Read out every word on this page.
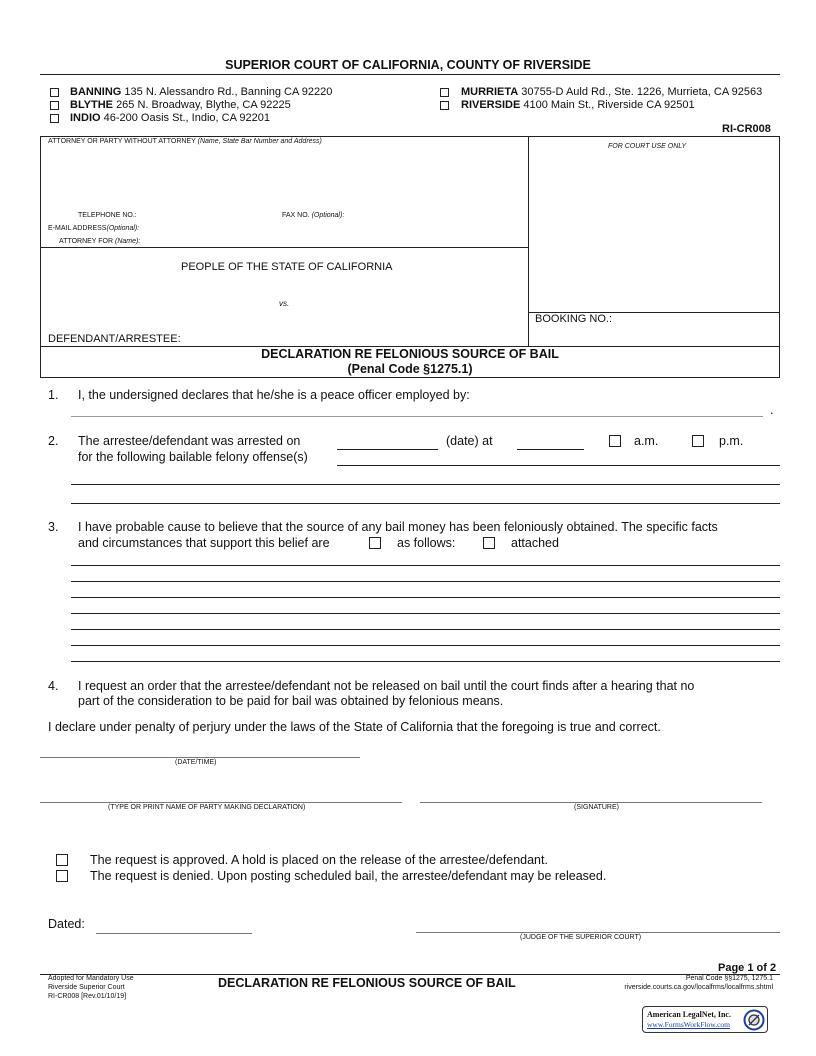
SUPERIOR COURT OF CALIFORNIA, COUNTY OF RIVERSIDE
BANNING 135 N. Alessandro Rd., Banning CA 92220
BLYTHE 265 N. Broadway, Blythe, CA 92225
INDIO 46-200 Oasis St., Indio, CA 92201
MURRIETA 30755-D Auld Rd., Ste. 1226, Murrieta, CA 92563
RIVERSIDE 4100 Main St., Riverside CA 92501
RI-CR008
ATTORNEY OR PARTY WITHOUT ATTORNEY (Name, State Bar Number and Address)
FOR COURT USE ONLY
TELEPHONE NO.:	FAX NO. (Optional):
E-MAIL ADDRESS(Optional):
ATTORNEY FOR (Name):
PEOPLE OF THE STATE OF CALIFORNIA
vs.
BOOKING NO.:
DEFENDANT/ARRESTEE:
DECLARATION RE FELONIOUS SOURCE OF BAIL
(Penal Code §1275.1)
1. I, the undersigned declares that he/she is a peace officer employed by:
.
2. The arrestee/defendant was arrested on	(date) at	a.m.	p.m.
for the following bailable felony offense(s)
3. I have probable cause to believe that the source of any bail money has been feloniously obtained. The specific facts
and circumstances that support this belief are	as follows:	attached
4. I request an order that the arrestee/defendant not be released on bail until the court finds after a hearing that no
part of the consideration to be paid for bail was obtained by felonious means.
I declare under penalty of perjury under the laws of the State of California that the foregoing is true and correct.
(DATE/TIME)
(TYPE OR PRINT NAME OF PARTY MAKING DECLARATION)	(SIGNATURE)
The request is approved. A hold is placed on the release of the arrestee/defendant.
The request is denied. Upon posting scheduled bail, the arrestee/defendant may be released.
Dated:
(JUDGE OF THE SUPERIOR COURT)
Page 1 of 2
Adopted for Mandatory Use
Riverside Superior Court
RI-CR008 [Rev.01/10/19]
DECLARATION RE FELONIOUS SOURCE OF BAIL	Penal Code §§1275, 1275.1
riverside.courts.ca.gov/localfrms/localfrms.shtml
American LegalNet, Inc.
www.FormsWorkFlow.com
